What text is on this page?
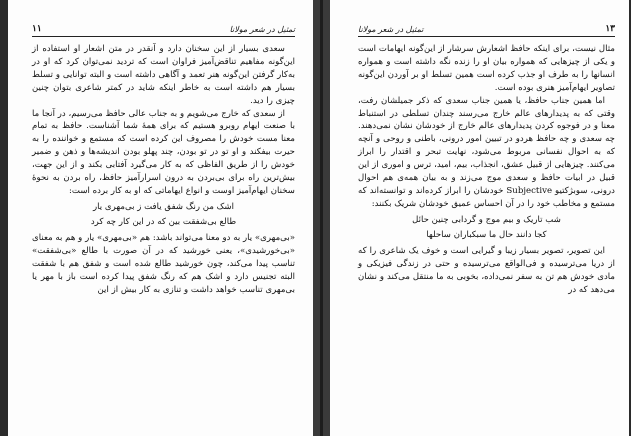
۱۱	تمثیل در شعر مولانا

سعدی بسیار از این سخنان دارد و آنقدر در متن اشعار او استفاده از این‌گونه مفاهیم تناقض‌آمیز فراوان است که تردید نمی‌توان کرد که او در به‌کار گرفتن این‌گونه هنر تعمد و آگاهی داشته است و البته توانایی و تسلط بسیار هم داشته است به خاطر اینکه شاید در کمتر شاعری بتوان چنین چیزی را دید.

از سعدی که خارج می‌شویم و به جناب عالی حافظ می‌رسیم، در آنجا ما با صنعت ایهام روبرو هستیم که برای همهٔ شما آشناست. حافظ به تمام معنا مست خودش را مصروف این کرده است که مستمع و خواننده را به حیرت بیفکند و او تو در تو بودن، چند پهلو بودن اندیشه‌ها و ذهن و ضمیر خودش را از طریق الفاظی که به کار می‌گیرد آفتابی بکند و از این جهت، بیش‌ترین راه برای بی‌بردن به درون اسرارآمیز حافظ، راه بردن به نحوهٔ سخنان ایهام‌آمیز اوست و انواع ایهاماتی که او به کار برده است:

اشک من رنگ شفق یافت ز بی‌مهری یار
طالع بی‌شفقت بین که در این کار چه کرد

«بی‌مهری» یار به دو معنا می‌تواند باشد: هم «بی‌مهری» یار و هم به معنای «بی‌خورشیدی»، یعنی خورشید که در آن صورت با طالع «بی‌شفقت» تناسب پیدا می‌کند، چون خورشید طالع شده است و شفق هم با شفقت البته تجنیس دارد و اشک هم که رنگ شفق پیدا کرده است باز با مهر یا بی‌مهری تناسب خواهد داشت و تنازی به کار بیش از این

تمثیل در شعر مولانا	۱۳

مثال نیست، برای اینکه حافظ اشعارش سرشار از این‌گونه ایهامات است و یکی از چیزهایی که همواره بیان او را زنده نگه داشته است و همواره انسانها را به طرف او جذب کرده است همین تسلط او بر آوردن این‌گونه تصاویر ایهام‌آمیز هنری بوده است.

اما همین جناب حافظ، یا همین جناب سعدی که ذکر جمیلشان رفت، وقتی که به پدیدارهای عالم خارج می‌رسند چندان تسلطی در استنباط معنا و در فوجوه کردن پدیدارهای عالم خارج از خودشان نشان نمی‌دهند. چه سعدی و چه حافظ هردو در تبیین امور درونی، باطنی و روحی و آنچه که به احوال نفسانی مربوط می‌شود، نهایت تبحر و اقتدار را ابراز می‌کنند. چیزهایی از قبیل عشق، انجذاب، بیم، امید، ترس و اموری از این قبیل در ابیات حافظ و سعدی موج می‌زند و به بیان همه‌ی هم احوال درونی، سوبژکتیو Subjective خودشان را ابراز کرده‌اند و توانسته‌اند که مستمع و مخاطب خود را در آن احساس عمیق خودشان شریک بکنند:

شب تاریک و بیم موج و گردابی چنین حائل
کجا دانند حال ما سبکباران ساحلها

این تصویر، تصویر بسیار زیبا و گیرایی است و خوف یک شاعری را که از دریا می‌ترسیده و فی‌الواقع می‌ترسیده و حتی در زندگی فیزیکی و مادی خودش هم تن به سفر نمی‌داده، بخوبی به ما منتقل می‌کند و نشان می‌دهد که در
